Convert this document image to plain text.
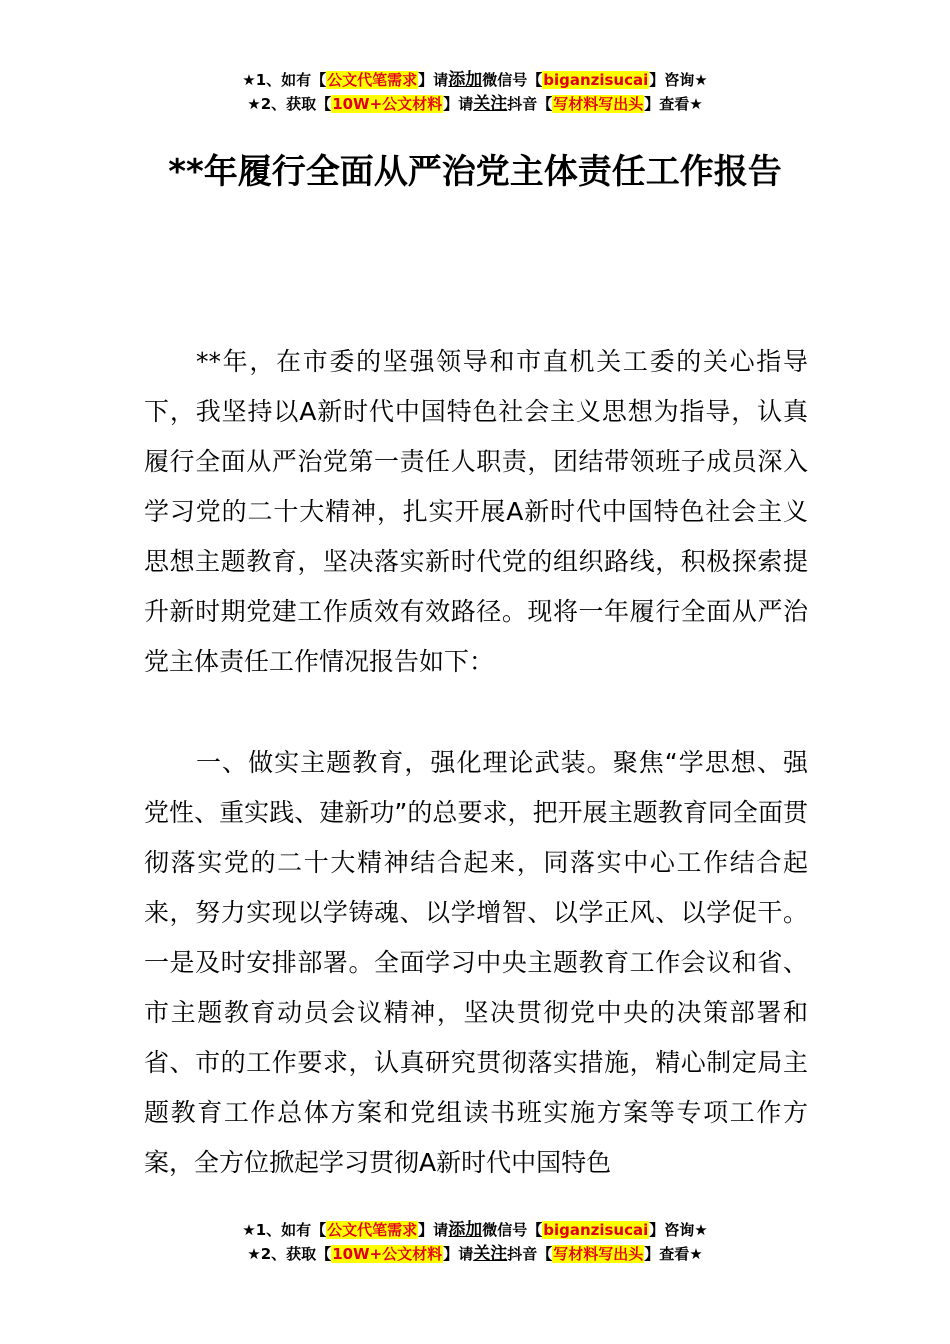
★1、如有【公文代笔需求】请添加微信号【biganzisucai】咨询★
★2、获取【10W+公文材料】请关注抖音【写材料写出头】查看★
**年履行全面从严治党主体责任工作报告

**年，在市委的坚强领导和市直机关工委的关心指导下，我坚持以A新时代中国特色社会主义思想为指导，认真履行全面从严治党第一责任人职责，团结带领班子成员深入学习党的二十大精神，扎实开展A新时代中国特色社会主义思想主题教育，坚决落实新时代党的组织路线，积极探索提升新时期党建工作质效有效路径。现将一年履行全面从严治党主体责任工作情况报告如下：

一、做实主题教育，强化理论武装。聚焦“学思想、强党性、重实践、建新功”的总要求，把开展主题教育同全面贯彻落实党的二十大精神结合起来，同落实中心工作结合起来，努力实现以学铸魂、以学增智、以学正风、以学促干。一是及时安排部署。全面学习中央主题教育工作会议和省、市主题教育动员会议精神，坚决贯彻党中央的决策部署和省、市的工作要求，认真研究贯彻落实措施，精心制定局主题教育工作总体方案和党组读书班实施方案等专项工作方案，全方位掀起学习贯彻A新时代中国特色

★1、如有【公文代笔需求】请添加微信号【biganzisucai】咨询★
★2、获取【10W+公文材料】请关注抖音【写材料写出头】查看★
